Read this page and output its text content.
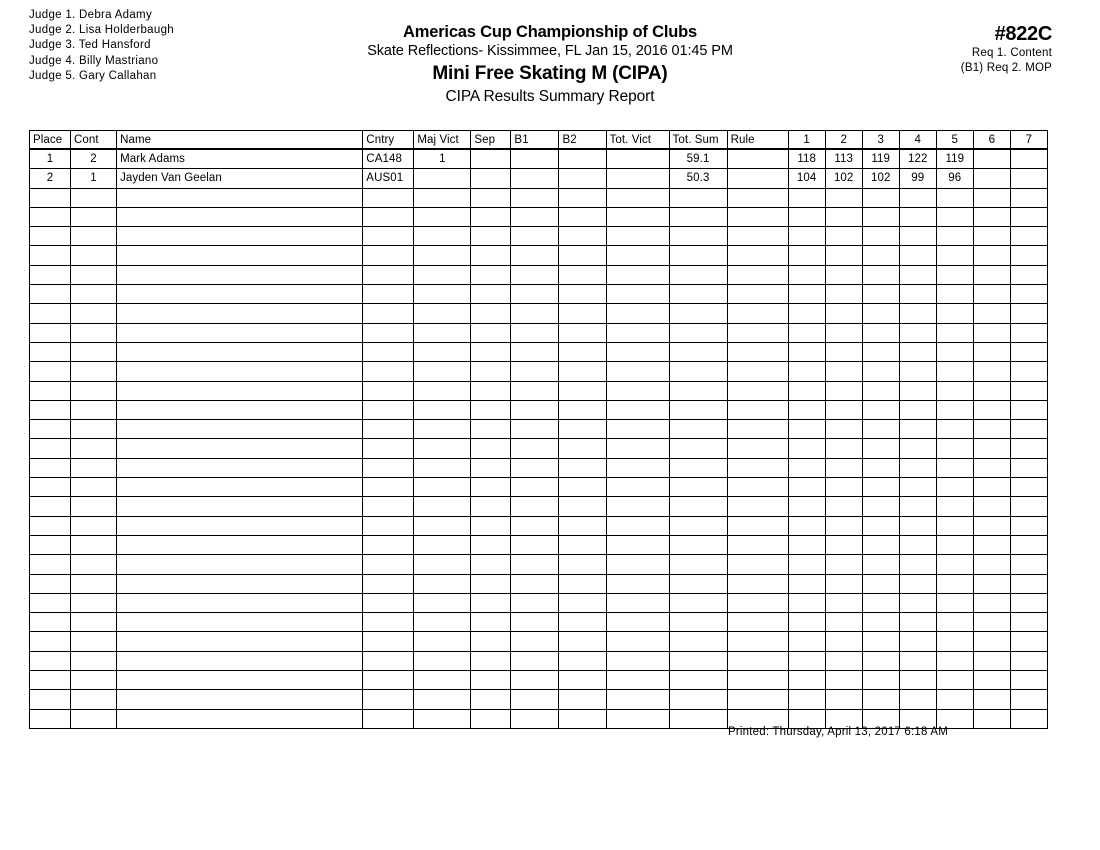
Judge 1. Debra Adamy
Judge 2. Lisa Holderbaugh
Judge 3. Ted Hansford
Judge 4. Billy Mastriano
Judge 5. Gary Callahan
Americas Cup Championship of Clubs
Skate Reflections- Kissimmee, FL Jan 15, 2016 01:45 PM
Mini Free Skating M (CIPA)
CIPA Results Summary Report
#822C
Req 1. Content
(B1) Req 2. MOP
Place	Cont	Name	Cntry	Maj Vict	Sep	B1	B2	Tot. Vict	Tot. Sum	Rule	1	2	3	4	5	6	7
1	2	Mark Adams	CA148	1					59.1		118	113	119	122	119		
2	1	Jayden Van Geelan	AUS01						50.3		104	102	102	99	96		

Printed: Thursday, April 13, 2017 6:18 AM
